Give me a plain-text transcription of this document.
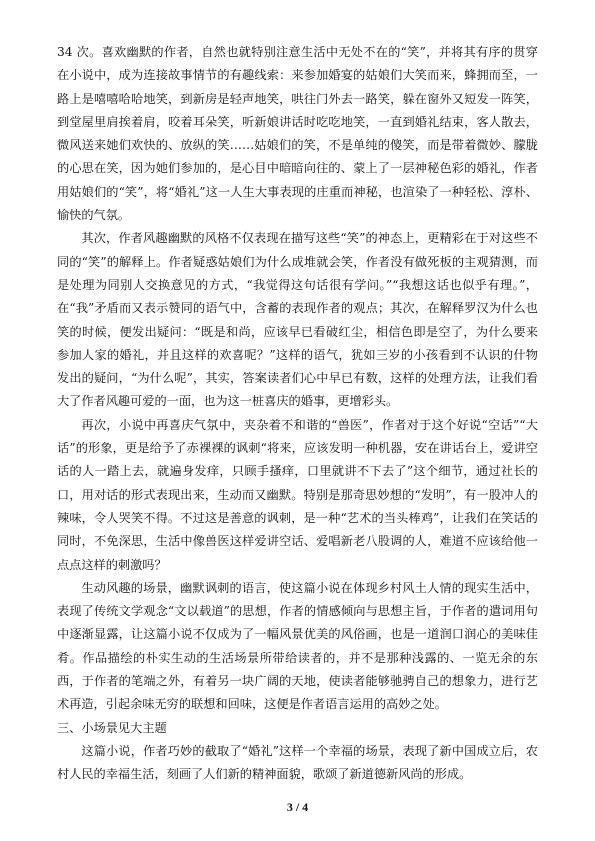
34 次。喜欢幽默的作者，自然也就特别注意生活中无处不在的“笑”，并将其有序的贯穿在小说中，成为连接故事情节的有趣线索：来参加婚宴的姑娘们大笑而来，蜂拥而至，一路上是嘻嘻哈哈地笑，到新房是轻声地笑，哄往门外去一路笑，躲在窗外又短发一阵笑，到堂屋里肩挨着肩，咬着耳朵笑，听新娘讲话时吃吃地笑，一直到婚礼结束，客人散去，微风送来她们欢快的、放纵的笑……姑娘们的笑，不是单纯的傻笑，而是带着微妙、朦胧的心思在笑，因为她们参加的，是心目中暗暗向往的、蒙上了一层神秘色彩的婚礼，作者用姑娘们的“笑”，将“婚礼”这一人生大事表现的庄重而神秘，也渲染了一种轻松、淳朴、愉快的气氛。

其次，作者风趣幽默的风格不仅表现在描写这些“笑”的神态上，更精彩在于对这些不同的“笑”的解释上。作者疑惑姑娘们为什么成堆就会笑，作者没有做死板的主观猜测，而是处理为同别人交换意见的方式，“我觉得这句话很有学问。”“我想这话也似乎有理。”，在“我”矛盾而又表示赞同的语气中，含蓄的表现作者的观点；其次，在解释罗汉为什么也笑的时候，便发出疑问：“既是和尚，应该早已看破红尘，相信色即是空了，为什么要来参加人家的婚礼，并且这样的欢喜呢？”这样的语气，犹如三岁的小孩看到不认识的什物发出的疑问，“为什么呢”，其实，答案读者们心中早已有数，这样的处理方法，让我们看大了作者风趣可爱的一面，也为这一桩喜庆的婚事，更增彩头。

再次，小说中再喜庆气氛中，夹杂着不和谐的“兽医”，作者对于这个好说“空话”“大话”的形象，更是给予了赤裸裸的讽刺“将来，应该发明一种机器，安在讲话台上，爱讲空话的人一踏上去，就遍身发痒，只顾手搔痒，口里就讲不下去了”这个细节，通过社长的口，用对话的形式表现出来，生动而又幽默。特别是那奇思妙想的“发明”，有一股冲人的辣味，令人哭笑不得。不过这是善意的讽刺，是一种“艺术的当头棒鸡”，让我们在笑话的同时，不免深思，生活中像兽医这样爱讲空话、爱唱新老八股调的人，难道不应该给他一点点这样的刺激吗？

生动风趣的场景，幽默讽刺的语言，使这篇小说在体现乡村风土人情的现实生活中，表现了传统文学观念“文以载道”的思想，作者的情感倾向与思想主旨，于作者的遣词用句中逐渐显露，让这篇小说不仅成为了一幅风景优美的风俗画，也是一道润口润心的美味佳肴。作品描绘的朴实生动的生活场景所带给读者的，并不是那种浅露的、一览无余的东西，于作者的笔端之外，有着另一块广阔的天地，使读者能够驰骋自己的想象力，进行艺术再造，引起余味无穷的联想和回味，这便是作者语言运用的高妙之处。

三、小场景见大主题

这篇小说，作者巧妙的截取了“婚礼”这样一个幸福的场景，表现了新中国成立后，农村人民的幸福生活，刻画了人们新的精神面貌，歌颂了新道德新风尚的形成。

3 / 4
